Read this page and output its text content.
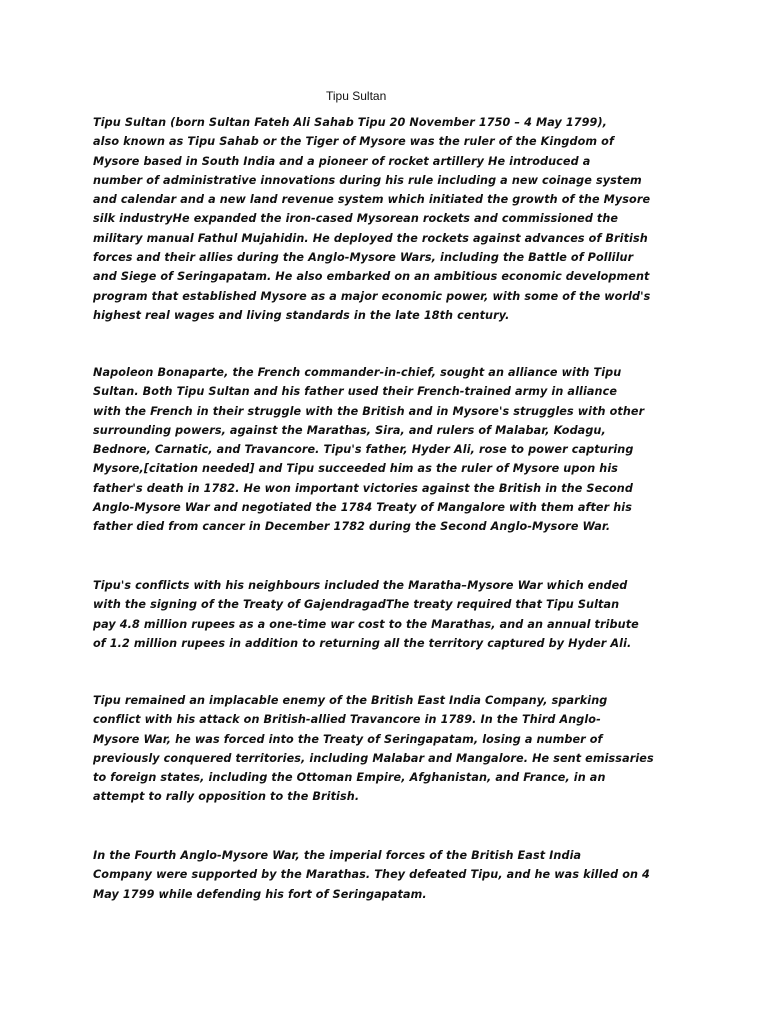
Tipu Sultan

Tipu Sultan (born Sultan Fateh Ali Sahab Tipu 20 November 1750 – 4 May 1799),
also known as Tipu Sahab or the Tiger of Mysore was the ruler of the Kingdom of
Mysore based in South India and a pioneer of rocket artillery He introduced a
number of administrative innovations during his rule including a new coinage system
and calendar and a new land revenue system which initiated the growth of the Mysore
silk industryHe expanded the iron-cased Mysorean rockets and commissioned the
military manual Fathul Mujahidin. He deployed the rockets against advances of British
forces and their allies during the Anglo-Mysore Wars, including the Battle of Pollilur
and Siege of Seringapatam. He also embarked on an ambitious economic development
program that established Mysore as a major economic power, with some of the world's
highest real wages and living standards in the late 18th century.

Napoleon Bonaparte, the French commander-in-chief, sought an alliance with Tipu
Sultan. Both Tipu Sultan and his father used their French-trained army in alliance
with the French in their struggle with the British and in Mysore's struggles with other
surrounding powers, against the Marathas, Sira, and rulers of Malabar, Kodagu,
Bednore, Carnatic, and Travancore. Tipu's father, Hyder Ali, rose to power capturing
Mysore,[citation needed] and Tipu succeeded him as the ruler of Mysore upon his
father's death in 1782. He won important victories against the British in the Second
Anglo-Mysore War and negotiated the 1784 Treaty of Mangalore with them after his
father died from cancer in December 1782 during the Second Anglo-Mysore War.

Tipu's conflicts with his neighbours included the Maratha–Mysore War which ended
with the signing of the Treaty of GajendragadThe treaty required that Tipu Sultan
pay 4.8 million rupees as a one-time war cost to the Marathas, and an annual tribute
of 1.2 million rupees in addition to returning all the territory captured by Hyder Ali.

Tipu remained an implacable enemy of the British East India Company, sparking
conflict with his attack on British-allied Travancore in 1789. In the Third Anglo-
Mysore War, he was forced into the Treaty of Seringapatam, losing a number of
previously conquered territories, including Malabar and Mangalore. He sent emissaries
to foreign states, including the Ottoman Empire, Afghanistan, and France, in an
attempt to rally opposition to the British.

In the Fourth Anglo-Mysore War, the imperial forces of the British East India
Company were supported by the Marathas. They defeated Tipu, and he was killed on 4
May 1799 while defending his fort of Seringapatam.
